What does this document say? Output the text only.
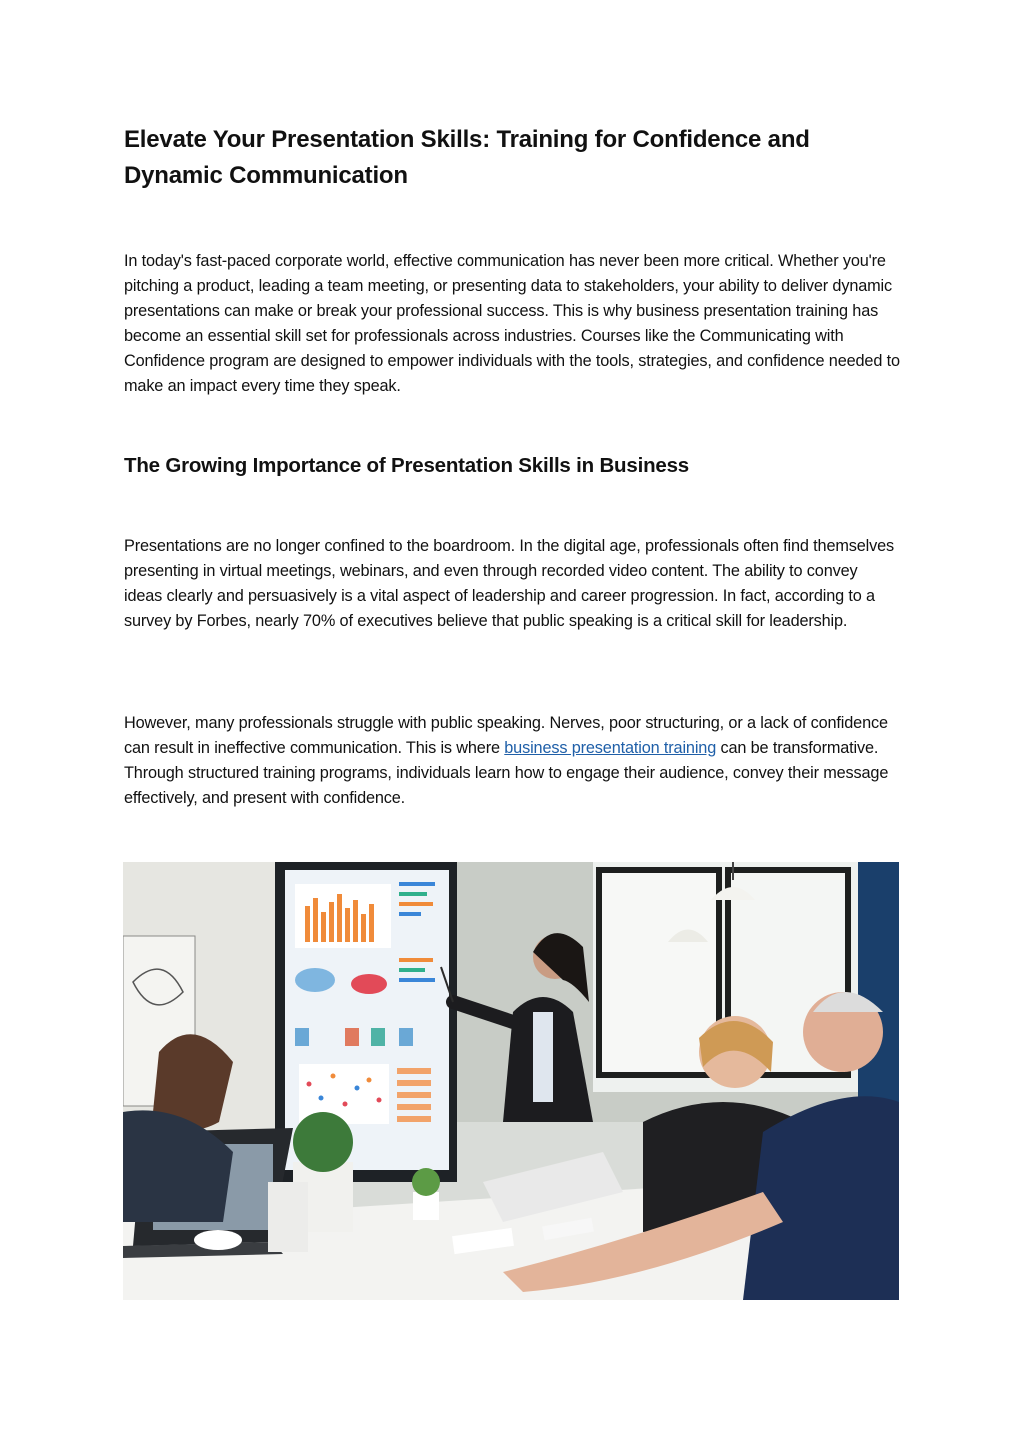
Elevate Your Presentation Skills: Training for Confidence and Dynamic Communication

In today's fast-paced corporate world, effective communication has never been more critical. Whether you're pitching a product, leading a team meeting, or presenting data to stakeholders, your ability to deliver dynamic presentations can make or break your professional success. This is why business presentation training has become an essential skill set for professionals across industries. Courses like the Communicating with Confidence program are designed to empower individuals with the tools, strategies, and confidence needed to make an impact every time they speak.

The Growing Importance of Presentation Skills in Business

Presentations are no longer confined to the boardroom. In the digital age, professionals often find themselves presenting in virtual meetings, webinars, and even through recorded video content. The ability to convey ideas clearly and persuasively is a vital aspect of leadership and career progression. In fact, according to a survey by Forbes, nearly 70% of executives believe that public speaking is a critical skill for leadership.

However, many professionals struggle with public speaking. Nerves, poor structuring, or a lack of confidence can result in ineffective communication. This is where business presentation training can be transformative. Through structured training programs, individuals learn how to engage their audience, convey their message effectively, and present with confidence.
